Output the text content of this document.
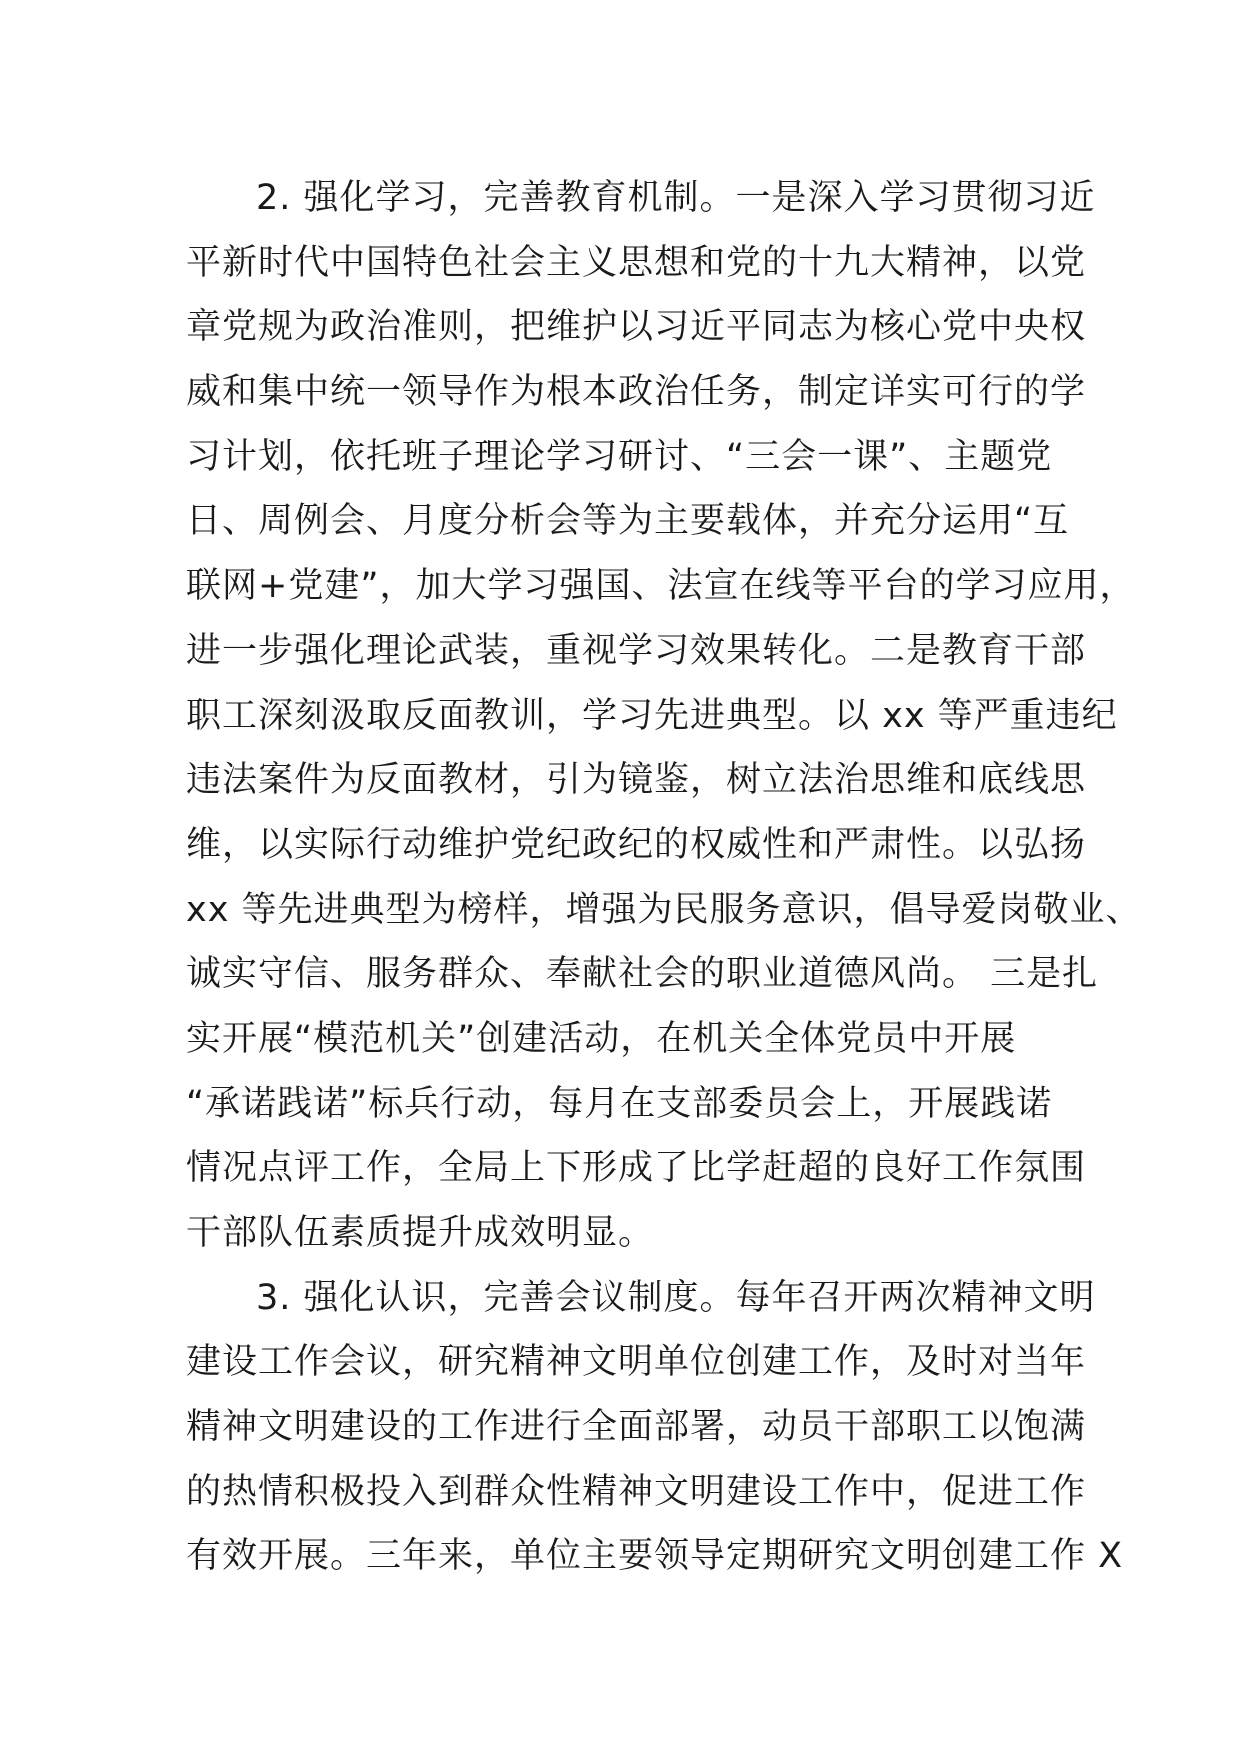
2. 强化学习，完善教育机制。一是深入学习贯彻习近
平新时代中国特色社会主义思想和党的十九大精神，以党
章党规为政治准则，把维护以习近平同志为核心党中央权
威和集中统一领导作为根本政治任务，制定详实可行的学
习计划，依托班子理论学习研讨、“三会一课”、主题党
日、周例会、月度分析会等为主要载体，并充分运用“互
联网+党建”，加大学习强国、法宣在线等平台的学习应用，
进一步强化理论武装，重视学习效果转化。二是教育干部
职工深刻汲取反面教训，学习先进典型。以 xx 等严重违纪
违法案件为反面教材，引为镜鉴，树立法治思维和底线思
维，以实际行动维护党纪政纪的权威性和严肃性。以弘扬
xx 等先进典型为榜样，增强为民服务意识，倡导爱岗敬业、
诚实守信、服务群众、奉献社会的职业道德风尚。 三是扎
实开展“模范机关”创建活动，在机关全体党员中开展
“承诺践诺”标兵行动，每月在支部委员会上，开展践诺
情况点评工作，全局上下形成了比学赶超的良好工作氛围
干部队伍素质提升成效明显。
3. 强化认识，完善会议制度。每年召开两次精神文明
建设工作会议，研究精神文明单位创建工作，及时对当年
精神文明建设的工作进行全面部署，动员干部职工以饱满
的热情积极投入到群众性精神文明建设工作中，促进工作
有效开展。三年来，单位主要领导定期研究文明创建工作 X
